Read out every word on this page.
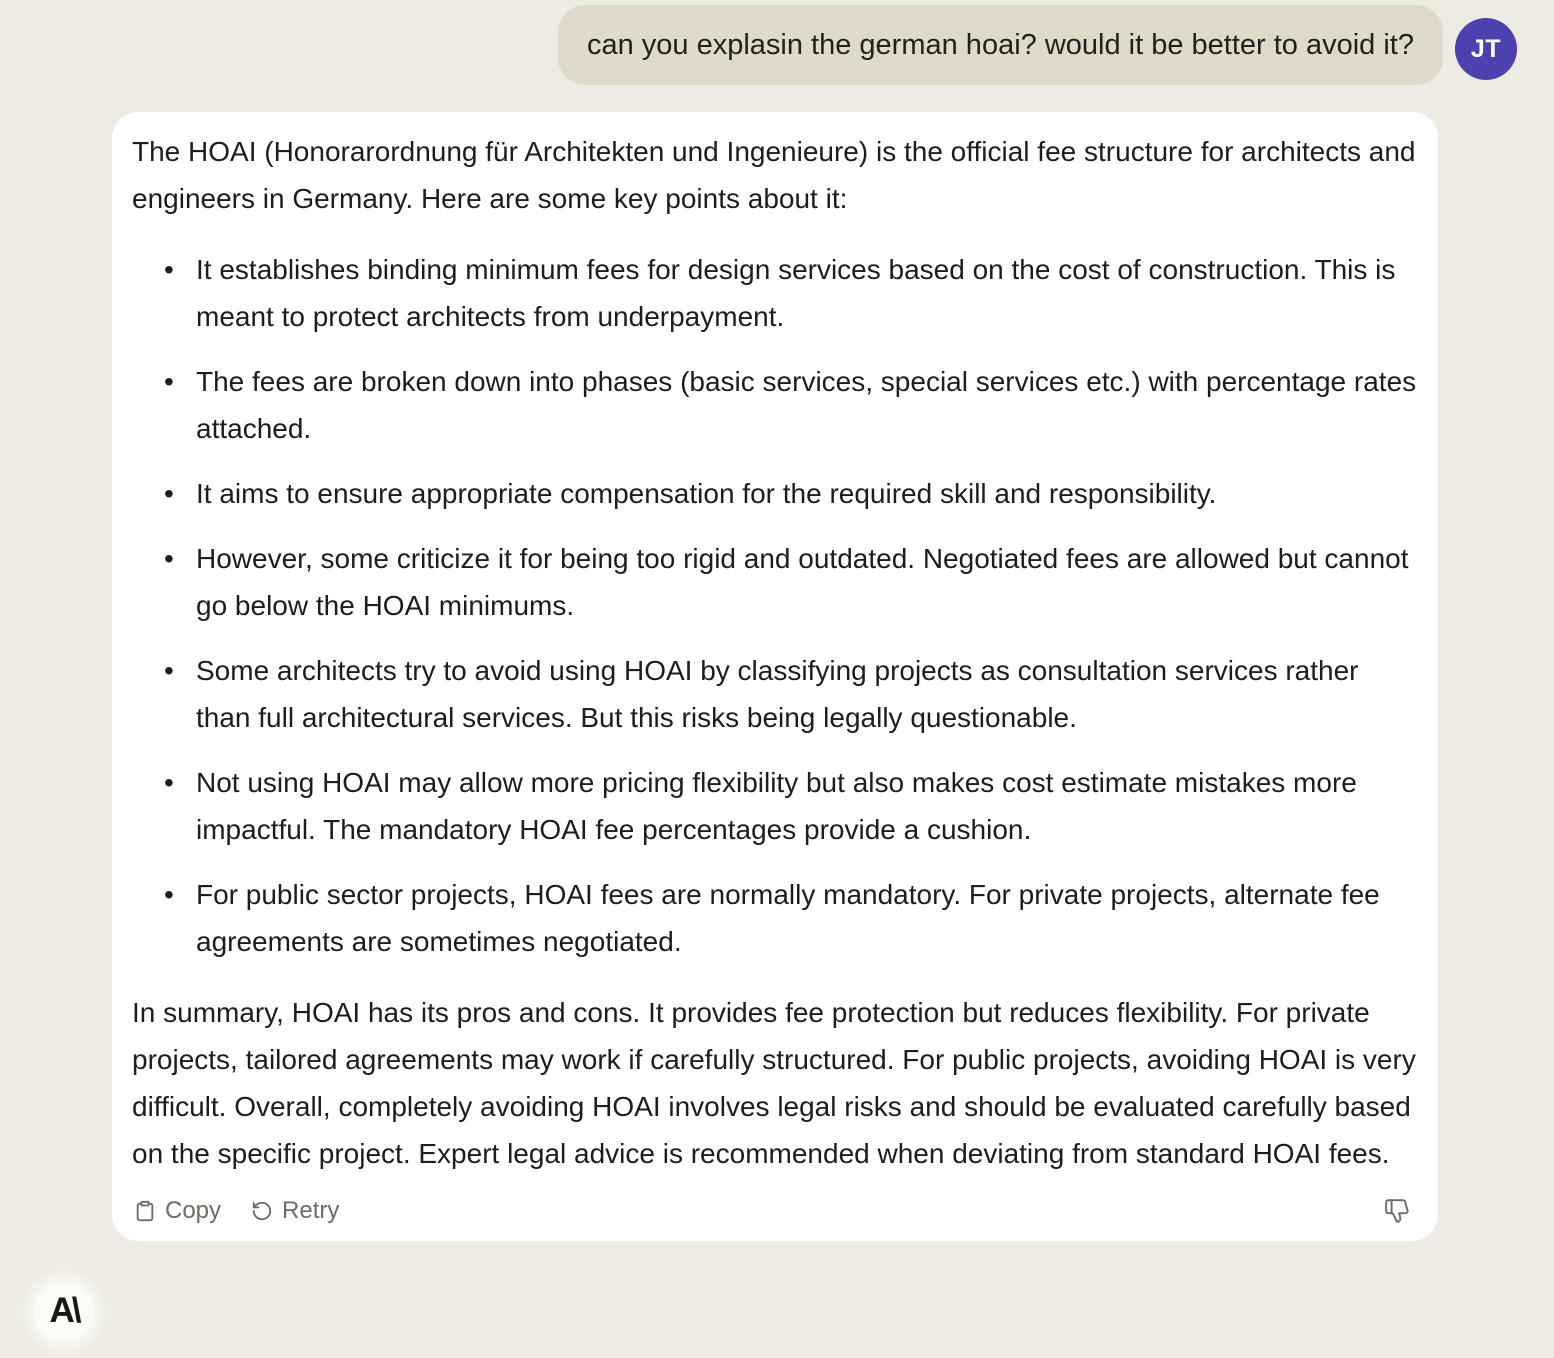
can you explasin the german hoai? would it be better to avoid it?	JT

The HOAI (Honorarordnung für Architekten und Ingenieure) is the official fee structure for architects and engineers in Germany. Here are some key points about it:

• It establishes binding minimum fees for design services based on the cost of construction. This is meant to protect architects from underpayment.
• The fees are broken down into phases (basic services, special services etc.) with percentage rates attached.
• It aims to ensure appropriate compensation for the required skill and responsibility.
• However, some criticize it for being too rigid and outdated. Negotiated fees are allowed but cannot go below the HOAI minimums.
• Some architects try to avoid using HOAI by classifying projects as consultation services rather than full architectural services. But this risks being legally questionable.
• Not using HOAI may allow more pricing flexibility but also makes cost estimate mistakes more impactful. The mandatory HOAI fee percentages provide a cushion.
• For public sector projects, HOAI fees are normally mandatory. For private projects, alternate fee agreements are sometimes negotiated.

In summary, HOAI has its pros and cons. It provides fee protection but reduces flexibility. For private projects, tailored agreements may work if carefully structured. For public projects, avoiding HOAI is very difficult. Overall, completely avoiding HOAI involves legal risks and should be evaluated carefully based on the specific project. Expert legal advice is recommended when deviating from standard HOAI fees.

Copy	Retry
A\
